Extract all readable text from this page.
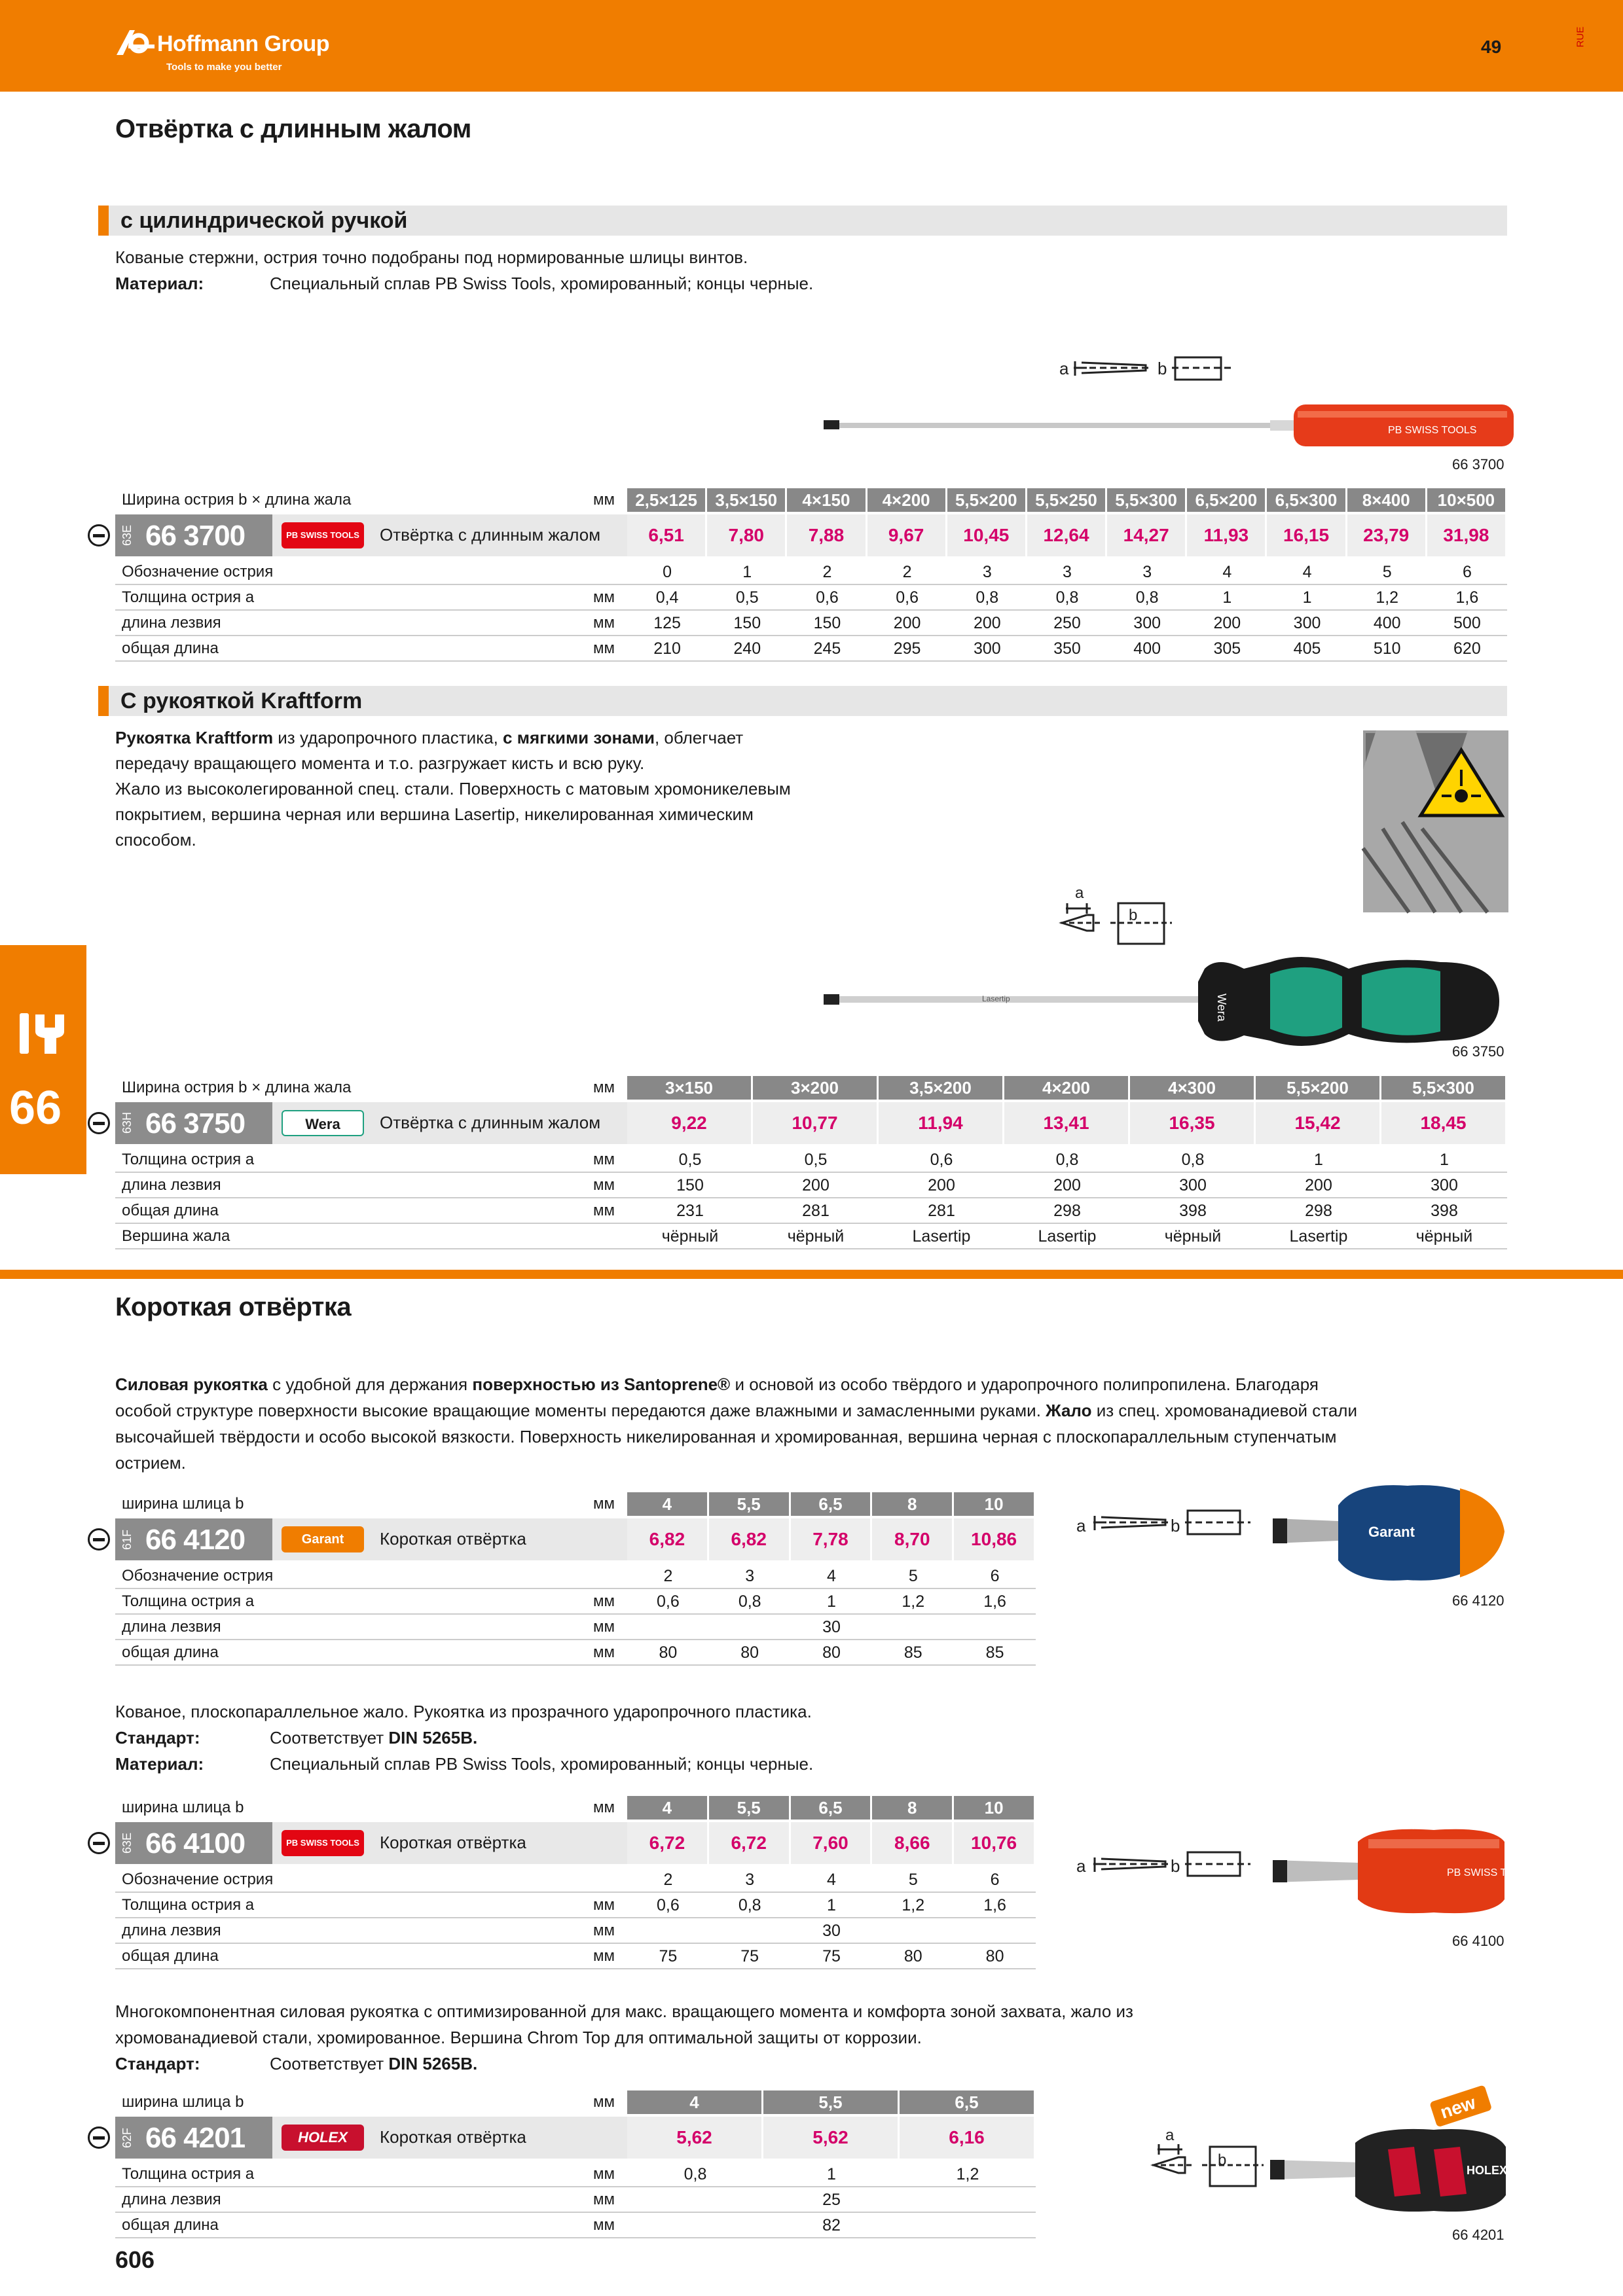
Hoffmann Group
Tools to make you better
49	RUE
66
Отвёртка с длинным жалом
с цилиндрической ручкой
Кованые стержни, острия точно подобраны под нормированные шлицы винтов.
Материал:	Специальный сплав PB Swiss Tools, хромированный; концы черные.
a	b
PB SWISS TOOLS
66 3700
Ширина острия b × длина жала	мм	2,5×125	3,5×150	4×150	4×200	5,5×200	5,5×250	5,5×300	6,5×200	6,5×300	8×400	10×500
PB SWISS TOOLS
63E 66 3700	Отвёртка с длинным жалом	6,51	7,80	7,88	9,67	10,45	12,64	14,27	11,93	16,15	23,79	31,98
Обозначение острия	0	1	2	2	3	3	3	4	4	5	6
Толщина острия a	мм	0,4	0,5	0,6	0,6	0,8	0,8	0,8	1	1	1,2	1,6
длина лезвия	мм	125	150	150	200	200	250	300	200	300	400	500
общая длина	мм	210	240	245	295	300	350	400	305	405	510	620
С рукояткой Kraftform
Рукоятка Kraftform из ударопрочного пластика, с мягкими зонами, облегчает
передачу вращающего момента и т.о. разгружает кисть и всю руку.
Жало из высоколегированной спец. стали. Поверхность с матовым хромоникелевым
покрытием, вершина черная или вершина Lasertip, никелированная химическим
способом.
a
b
Lasertip	Wera
66 3750
Ширина острия b × длина жала	мм	3×150	3×200	3,5×200	4×200	4×300	5,5×200	5,5×300
Wera
63H 66 3750	Отвёртка с длинным жалом	9,22	10,77	11,94	13,41	16,35	15,42	18,45
Толщина острия a	мм	0,5	0,5	0,6	0,8	0,8	1	1
длина лезвия	мм	150	200	200	200	300	200	300
общая длина	мм	231	281	281	298	398	298	398
Вершина жала	чёрный	чёрный	Lasertip	Lasertip	чёрный	Lasertip	чёрный
Короткая отвёртка
Силовая рукоятка с удобной для держания поверхностью из Santoprene® и основой из особо твёрдого и ударопрочного полипропилена. Благодаря
особой структуре поверхности высокие вращающие моменты передаются даже влажными и замасленными руками. Жало из спец. хромованадиевой стали
высочайшей твёрдости и особо высокой вязкости. Поверхность никелированная и хромированная, вершина черная с плоскопараллельным ступенчатым
острием.
ширина шлица b	мм	4	5,5	6,5	8	10
Garant
61F 66 4120	Короткая отвёртка	6,82	6,82	7,78	8,70	10,86
Обозначение острия	2	3	4	5	6
Толщина острия a	мм	0,6	0,8	1	1,2	1,6
длина лезвия	мм	30
общая длина	мм	80	80	80	85	85
a	b	Garant
66 4120
Кованое, плоскопараллельное жало. Рукоятка из прозрачного ударопрочного пластика.
Стандарт:	Соответствует DIN 5265B.
Материал:	Специальный сплав PB Swiss Tools, хромированный; концы черные.
ширина шлица b	мм	4	5,5	6,5	8	10
PB SWISS TOOLS
63E 66 4100	Короткая отвёртка	6,72	6,72	7,60	8,66	10,76
Обозначение острия	2	3	4	5	6
Толщина острия a	мм	0,6	0,8	1	1,2	1,6
длина лезвия	мм	30
общая длина	мм	75	75	75	80	80
a	b	PB SWISS TOOLS
66 4100
Многокомпонентная силовая рукоятка с оптимизированной для макс. вращающего момента и комфорта зоной захвата, жало из
хромованадиевой стали, хромированное. Вершина Chrom Top для оптимальной защиты от коррозии.
Стандарт:	Соответствует DIN 5265B.
ширина шлица b	мм	4	5,5	6,5
HOLEX
62F 66 4201	Короткая отвёртка	5,62	5,62	6,16
Толщина острия a	мм	0,8	1	1,2
длина лезвия	мм	25
общая длина	мм	82
new
a
b
HOLEX
66 4201
606
